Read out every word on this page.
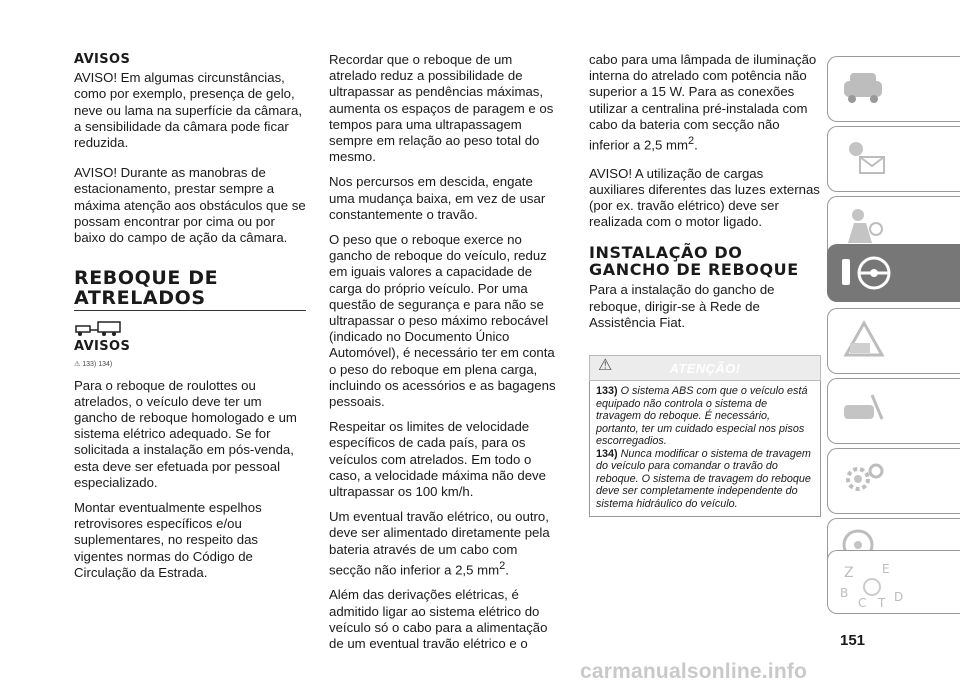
AVISOS

AVISO! Em algumas circunstâncias, como por exemplo, presença de gelo, neve ou lama na superfície da câmara, a sensibilidade da câmara pode ficar reduzida.

AVISO! Durante as manobras de estacionamento, prestar sempre a máxima atenção aos obstáculos que se possam encontrar por cima ou por baixo do campo de ação da câmara.

REBOQUE DE
ATRELADOS
AVISOS
⚠ 133) 134)

Para o reboque de roulottes ou atrelados, o veículo deve ter um gancho de reboque homologado e um sistema elétrico adequado. Se for solicitada a instalação em pós-venda, esta deve ser efetuada por pessoal especializado.

Montar eventualmente espelhos retrovisores específicos e/ou suplementares, no respeito das vigentes normas do Código de Circulação da Estrada.

Recordar que o reboque de um atrelado reduz a possibilidade de ultrapassar as pendências máximas, aumenta os espaços de paragem e os tempos para uma ultrapassagem sempre em relação ao peso total do mesmo.

Nos percursos em descida, engate uma mudança baixa, em vez de usar constantemente o travão.

O peso que o reboque exerce no gancho de reboque do veículo, reduz em iguais valores a capacidade de carga do próprio veículo. Por uma questão de segurança e para não se ultrapassar o peso máximo rebocável (indicado no Documento Único Automóvel), é necessário ter em conta o peso do reboque em plena carga, incluindo os acessórios e as bagagens pessoais.

Respeitar os limites de velocidade específicos de cada país, para os veículos com atrelados. Em todo o caso, a velocidade máxima não deve ultrapassar os 100 km/h.

Um eventual travão elétrico, ou outro, deve ser alimentado diretamente pela bateria através de um cabo com secção não inferior a 2,5 $mm^2$.

Além das derivações elétricas, é admitido ligar ao sistema elétrico do veículo só o cabo para a alimentação de um eventual travão elétrico e o

cabo para uma lâmpada de iluminação interna do atrelado com potência não superior a 15 W. Para as conexões utilizar a centralina pré-instalada com cabo da bateria com secção não inferior a 2,5 $mm^2$.

AVISO! A utilização de cargas auxiliares diferentes das luzes externas (por ex. travão elétrico) deve ser realizada com o motor ligado.

INSTALAÇÃO DO
GANCHO DE REBOQUE

Para a instalação do gancho de reboque, dirigir-se à Rede de Assistência Fiat.

⚠	ATENÇÃO!

133) O sistema ABS com que o veículo está equipado não controla o sistema de travagem do reboque. É necessário, portanto, ter um cuidado especial nos pisos escorregadios.

134) Nunca modificar o sistema de travagem do veículo para comandar o travão do reboque. O sistema de travagem do reboque deve ser completamente independente do sistema hidráulico do veículo.

Z E
B
C T D
151
carmanualsonline.info
